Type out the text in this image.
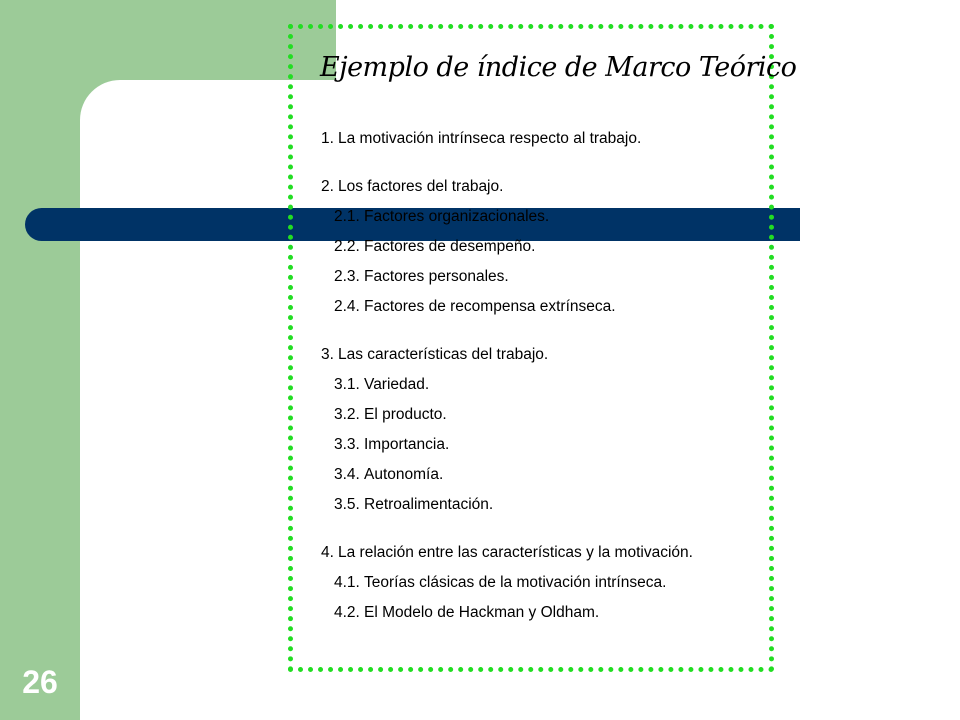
26
Ejemplo de índice de Marco Teórico
1. La motivación intrínseca respecto al trabajo.
2. Los factores del trabajo.
2.1. Factores organizacionales.
2.2. Factores de desempeño.
2.3. Factores personales.
2.4. Factores de recompensa extrínseca.
3. Las características del trabajo.
3.1. Variedad.
3.2. El producto.
3.3. Importancia.
3.4. Autonomía.
3.5. Retroalimentación.
4. La relación entre las características y la motivación.
4.1. Teorías clásicas de la motivación intrínseca.
4.2. El Modelo de Hackman y Oldham.
